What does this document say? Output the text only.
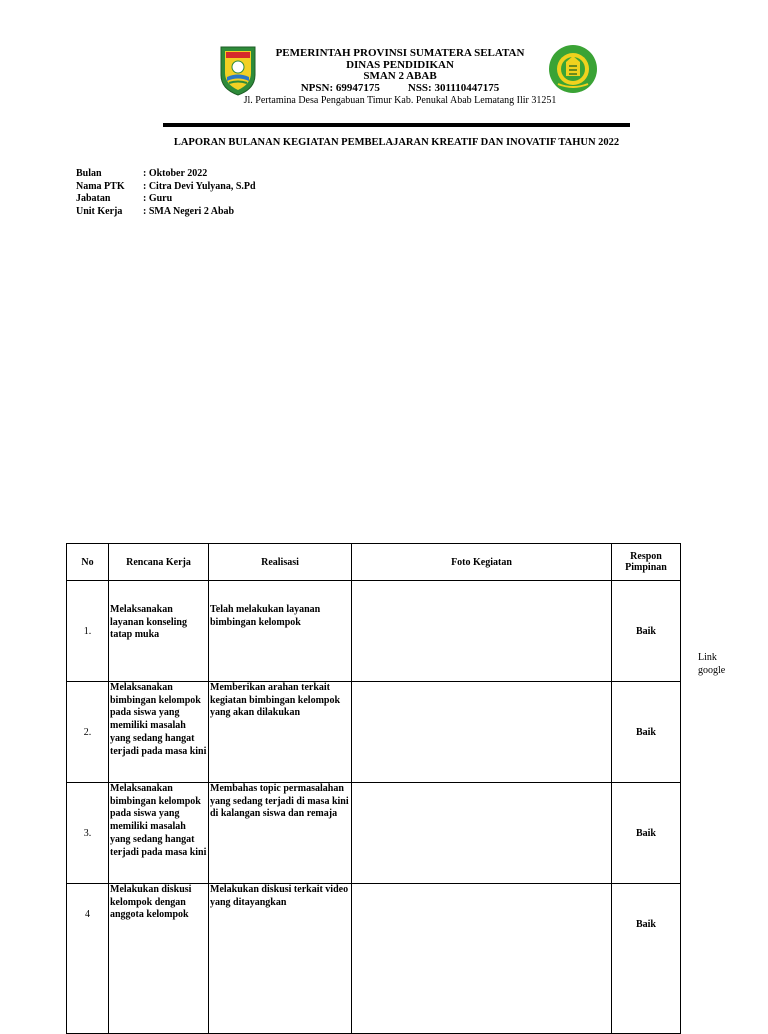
PEMERINTAH PROVINSI SUMATERA SELATAN
DINAS PENDIDIKAN
SMAN 2 ABAB
NPSN: 69947175	NSS: 301110447175
Jl. Pertamina Desa Pengabuan Timur Kab. Penukal Abab Lematang Ilir 31251
LAPORAN BULANAN KEGIATAN PEMBELAJARAN KREATIF DAN INOVATIF TAHUN 2022
Bulan	: Oktober 2022
Nama PTK	: Citra Devi Yulyana, S.Pd
Jabatan	: Guru
Unit Kerja	: SMA Negeri 2 Abab
No	Rencana Kerja	Realisasi	Foto Kegiatan	Respon Pimpinan
1.	Melaksanakan layanan konseling tatap muka	Telah melakukan layanan bimbingan kelompok		Baik
2.	Melaksanakan bimbingan kelompok pada siswa yang memiliki masalah yang sedang hangat terjadi pada masa kini	Memberikan arahan terkait kegiatan bimbingan kelompok yang akan dilakukan		Baik
3.	Melaksanakan bimbingan kelompok pada siswa yang memiliki masalah yang sedang hangat terjadi pada masa kini	Membahas topic permasalahan yang sedang terjadi di masa kini di kalangan siswa dan remaja		Baik
4	Melakukan diskusi kelompok dengan anggota kelompok	Melakukan diskusi terkait video yang ditayangkan		Baik
Link google
